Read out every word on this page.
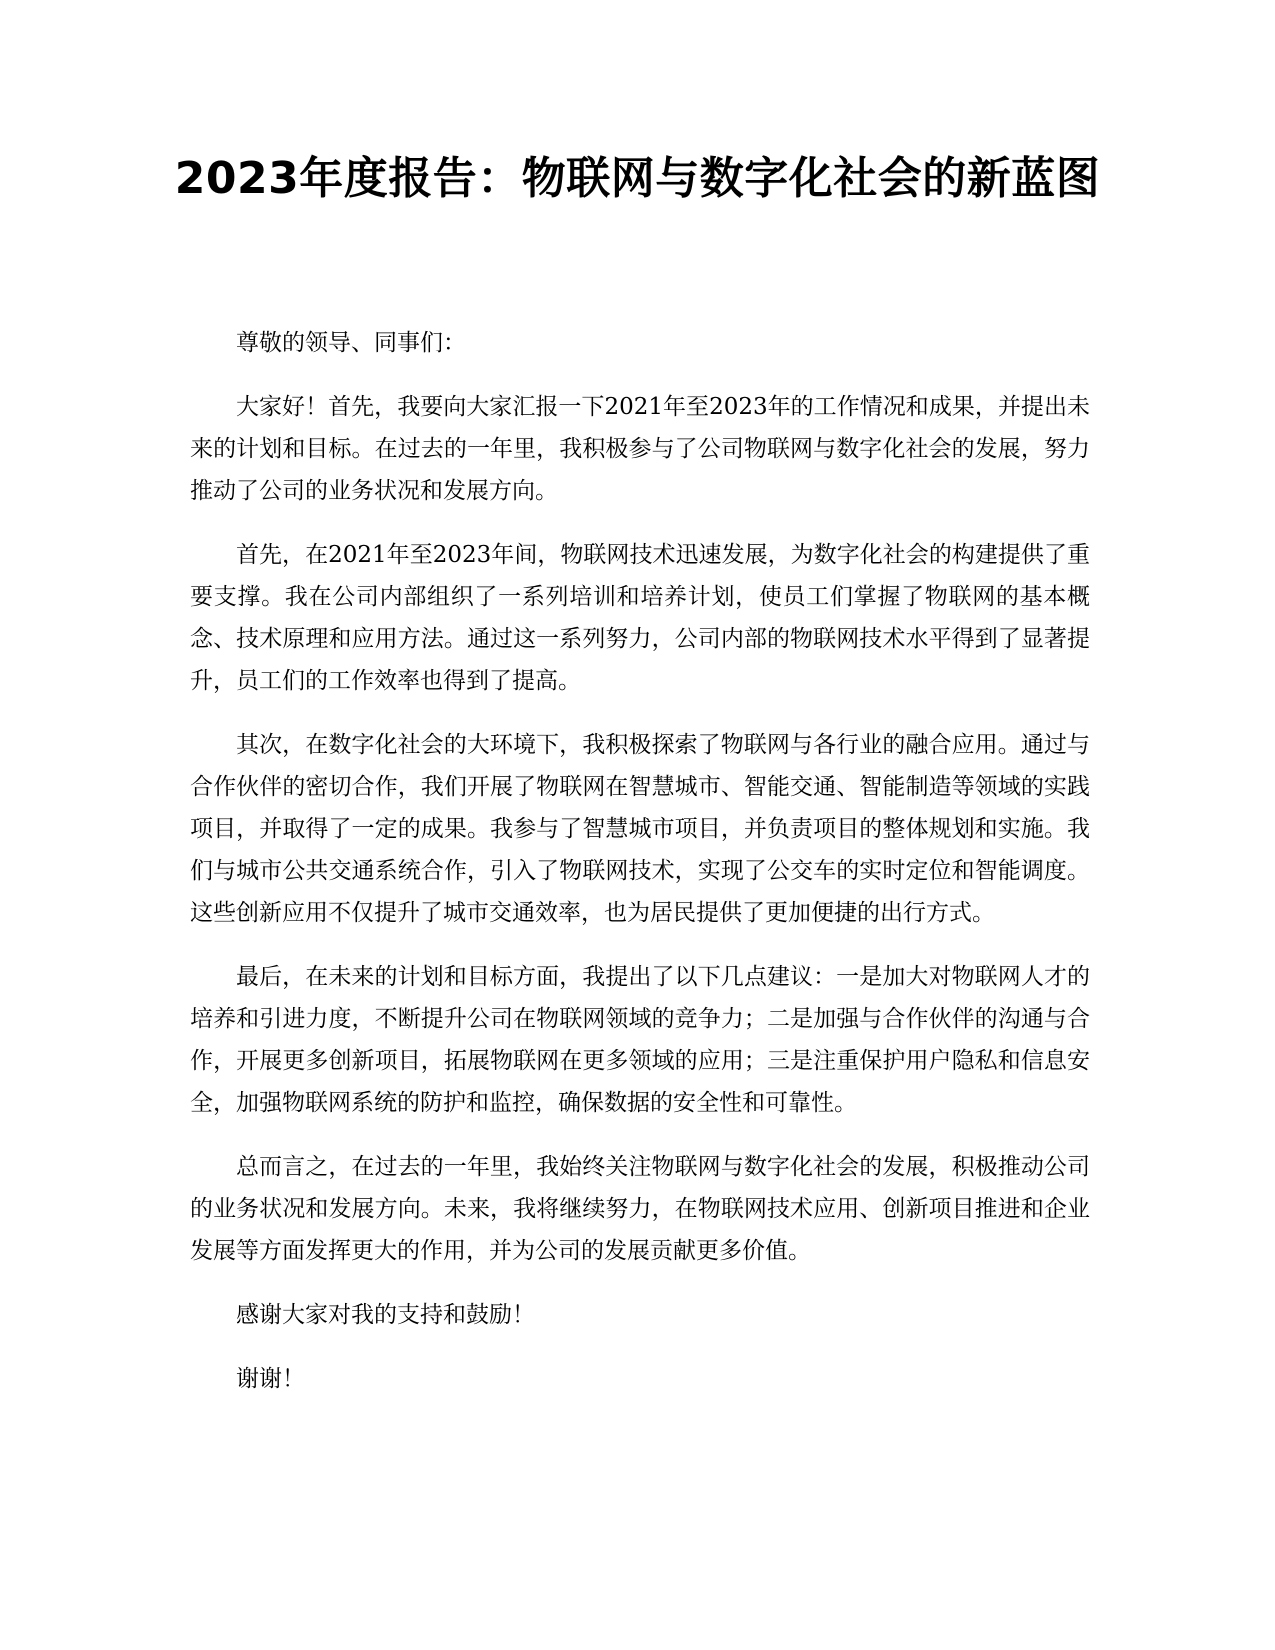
2023年度报告：物联网与数字化社会的新蓝图

尊敬的领导、同事们：

大家好！首先，我要向大家汇报一下2021年至2023年的工作情况和成果，并提出未来的计划和目标。在过去的一年里，我积极参与了公司物联网与数字化社会的发展，努力推动了公司的业务状况和发展方向。

首先，在2021年至2023年间，物联网技术迅速发展，为数字化社会的构建提供了重要支撑。我在公司内部组织了一系列培训和培养计划，使员工们掌握了物联网的基本概念、技术原理和应用方法。通过这一系列努力，公司内部的物联网技术水平得到了显著提升，员工们的工作效率也得到了提高。

其次，在数字化社会的大环境下，我积极探索了物联网与各行业的融合应用。通过与合作伙伴的密切合作，我们开展了物联网在智慧城市、智能交通、智能制造等领域的实践项目，并取得了一定的成果。我参与了智慧城市项目，并负责项目的整体规划和实施。我们与城市公共交通系统合作，引入了物联网技术，实现了公交车的实时定位和智能调度。这些创新应用不仅提升了城市交通效率，也为居民提供了更加便捷的出行方式。

最后，在未来的计划和目标方面，我提出了以下几点建议：一是加大对物联网人才的培养和引进力度，不断提升公司在物联网领域的竞争力；二是加强与合作伙伴的沟通与合作，开展更多创新项目，拓展物联网在更多领域的应用；三是注重保护用户隐私和信息安全，加强物联网系统的防护和监控，确保数据的安全性和可靠性。

总而言之，在过去的一年里，我始终关注物联网与数字化社会的发展，积极推动公司的业务状况和发展方向。未来，我将继续努力，在物联网技术应用、创新项目推进和企业发展等方面发挥更大的作用，并为公司的发展贡献更多价值。

感谢大家对我的支持和鼓励！

谢谢！
